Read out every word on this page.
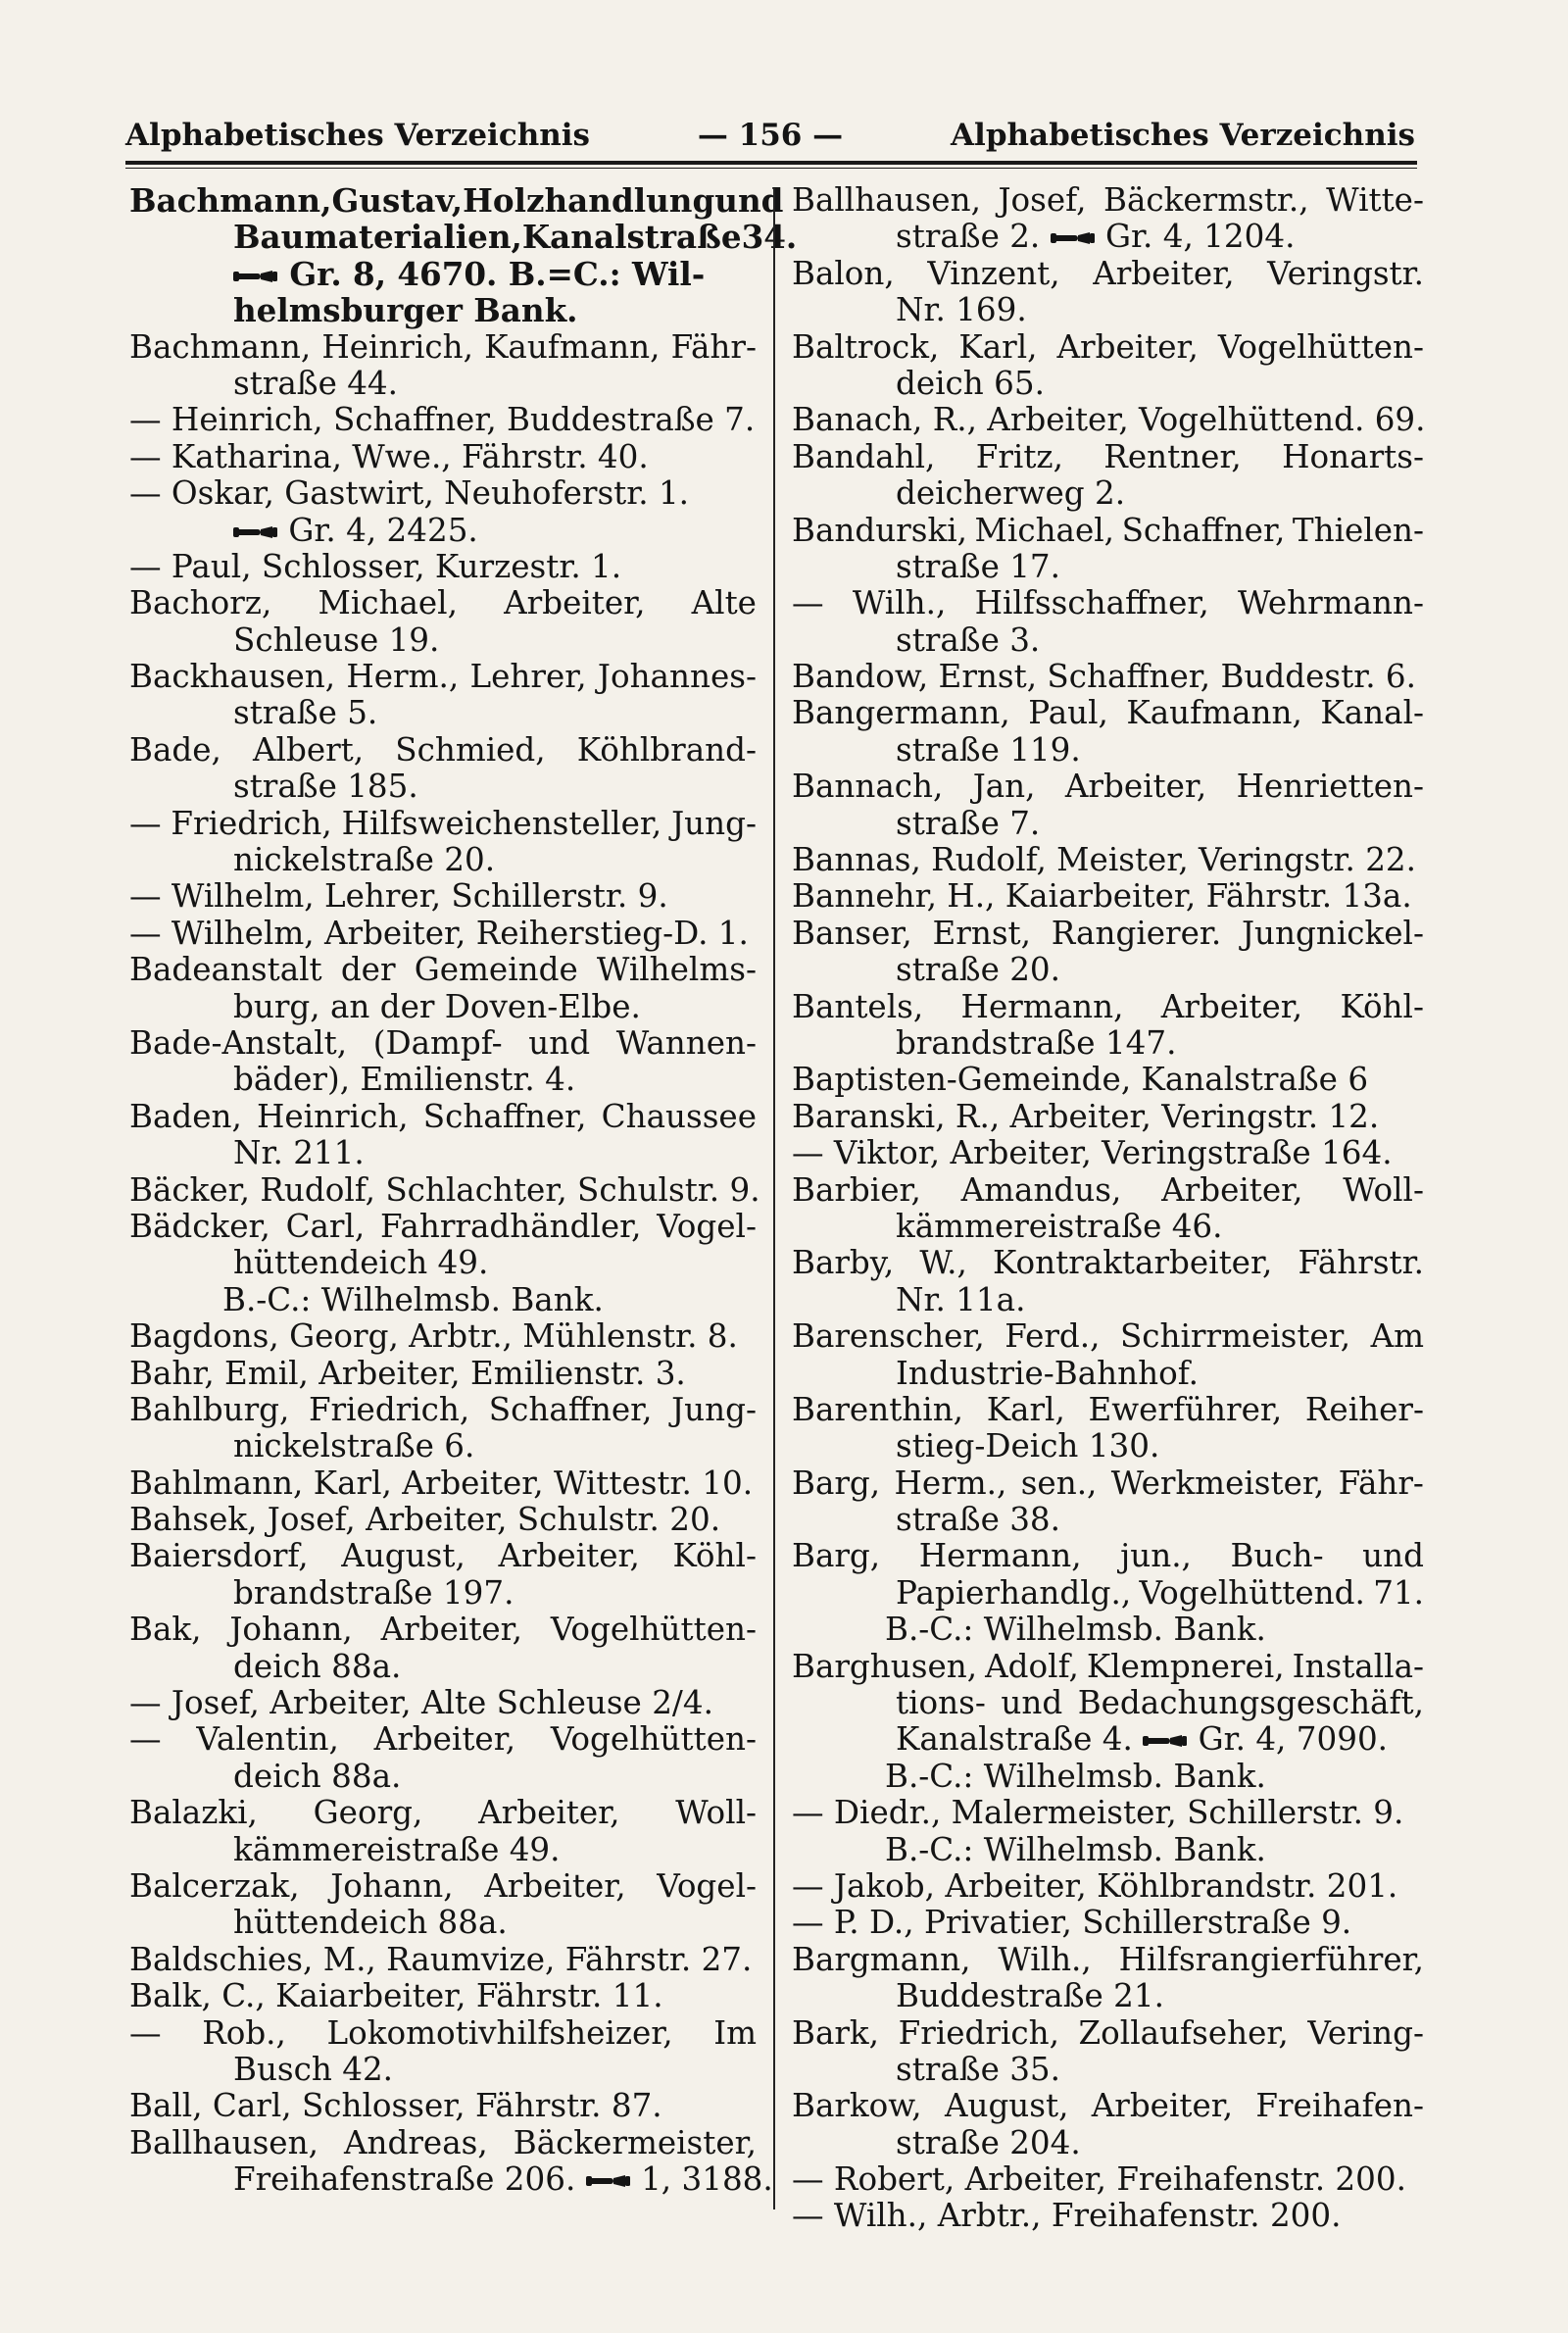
Alphabetisches Verzeichnis	— 156 —	Alphabetisches Verzeichnis
Bachmann, Gustav, Holzhandlung und
Baumaterialien, Kanalstraße 34.
Gr. 8, 4670. B.=C.: Wil-
helmsburger Bank.
Bachmann, Heinrich, Kaufmann, Fähr-
straße 44.
— Heinrich, Schaffner, Buddestraße 7.
— Katharina, Wwe., Fährstr. 40.
— Oskar, Gastwirt, Neuhoferstr. 1.
Gr. 4, 2425.
— Paul, Schlosser, Kurzestr. 1.
Bachorz, Michael, Arbeiter, Alte
Schleuse 19.
Backhausen, Herm., Lehrer, Johannes-
straße 5.
Bade, Albert, Schmied, Köhlbrand-
straße 185.
— Friedrich, Hilfsweichensteller, Jung-
nickelstraße 20.
— Wilhelm, Lehrer, Schillerstr. 9.
— Wilhelm, Arbeiter, Reiherstieg-D. 1.
Badeanstalt der Gemeinde Wilhelms-
burg, an der Doven-Elbe.
Bade-Anstalt, (Dampf- und Wannen-
bäder), Emilienstr. 4.
Baden, Heinrich, Schaffner, Chaussee
Nr. 211.
Bäcker, Rudolf, Schlachter, Schulstr. 9.
Bädcker, Carl, Fahrradhändler, Vogel-
hüttendeich 49.
B.-C.: Wilhelmsb. Bank.
Bagdons, Georg, Arbtr., Mühlenstr. 8.
Bahr, Emil, Arbeiter, Emilienstr. 3.
Bahlburg, Friedrich, Schaffner, Jung-
nickelstraße 6.
Bahlmann, Karl, Arbeiter, Wittestr. 10.
Bahsek, Josef, Arbeiter, Schulstr. 20.
Baiersdorf, August, Arbeiter, Köhl-
brandstraße 197.
Bak, Johann, Arbeiter, Vogelhütten-
deich 88a.
— Josef, Arbeiter, Alte Schleuse 2/4.
— Valentin, Arbeiter, Vogelhütten-
deich 88a.
Balazki, Georg, Arbeiter, Woll-
kämmereistraße 49.
Balcerzak, Johann, Arbeiter, Vogel-
hüttendeich 88a.
Baldschies, M., Raumvize, Fährstr. 27.
Balk, C., Kaiarbeiter, Fährstr. 11.
— Rob., Lokomotivhilfsheizer, Im
Busch 42.
Ball, Carl, Schlosser, Fährstr. 87.
Ballhausen, Andreas, Bäckermeister,
Freihafenstraße 206. 1, 3188.
Ballhausen, Josef, Bäckermstr., Witte-
straße 2. Gr. 4, 1204.
Balon, Vinzent, Arbeiter, Veringstr.
Nr. 169.
Baltrock, Karl, Arbeiter, Vogelhütten-
deich 65.
Banach, R., Arbeiter, Vogelhüttend. 69.
Bandahl, Fritz, Rentner, Honarts-
deicherweg 2.
Bandurski, Michael, Schaffner, Thielen-
straße 17.
— Wilh., Hilfsschaffner, Wehrmann-
straße 3.
Bandow, Ernst, Schaffner, Buddestr. 6.
Bangermann, Paul, Kaufmann, Kanal-
straße 119.
Bannach, Jan, Arbeiter, Henrietten-
straße 7.
Bannas, Rudolf, Meister, Veringstr. 22.
Bannehr, H., Kaiarbeiter, Fährstr. 13a.
Banser, Ernst, Rangierer. Jungnickel-
straße 20.
Bantels, Hermann, Arbeiter, Köhl-
brandstraße 147.
Baptisten-Gemeinde, Kanalstraße 6
Baranski, R., Arbeiter, Veringstr. 12.
— Viktor, Arbeiter, Veringstraße 164.
Barbier, Amandus, Arbeiter, Woll-
kämmereistraße 46.
Barby, W., Kontraktarbeiter, Fährstr.
Nr. 11a.
Barenscher, Ferd., Schirrmeister, Am
Industrie-Bahnhof.
Barenthin, Karl, Ewerführer, Reiher-
stieg-Deich 130.
Barg, Herm., sen., Werkmeister, Fähr-
straße 38.
Barg, Hermann, jun., Buch- und
Papierhandlg., Vogelhüttend. 71.
B.-C.: Wilhelmsb. Bank.
Barghusen, Adolf, Klempnerei, Installa-
tions- und Bedachungsgeschäft,
Kanalstraße 4. Gr. 4, 7090.
B.-C.: Wilhelmsb. Bank.
— Diedr., Malermeister, Schillerstr. 9.
B.-C.: Wilhelmsb. Bank.
— Jakob, Arbeiter, Köhlbrandstr. 201.
— P. D., Privatier, Schillerstraße 9.
Bargmann, Wilh., Hilfsrangierführer,
Buddestraße 21.
Bark, Friedrich, Zollaufseher, Vering-
straße 35.
Barkow, August, Arbeiter, Freihafen-
straße 204.
— Robert, Arbeiter, Freihafenstr. 200.
— Wilh., Arbtr., Freihafenstr. 200.
